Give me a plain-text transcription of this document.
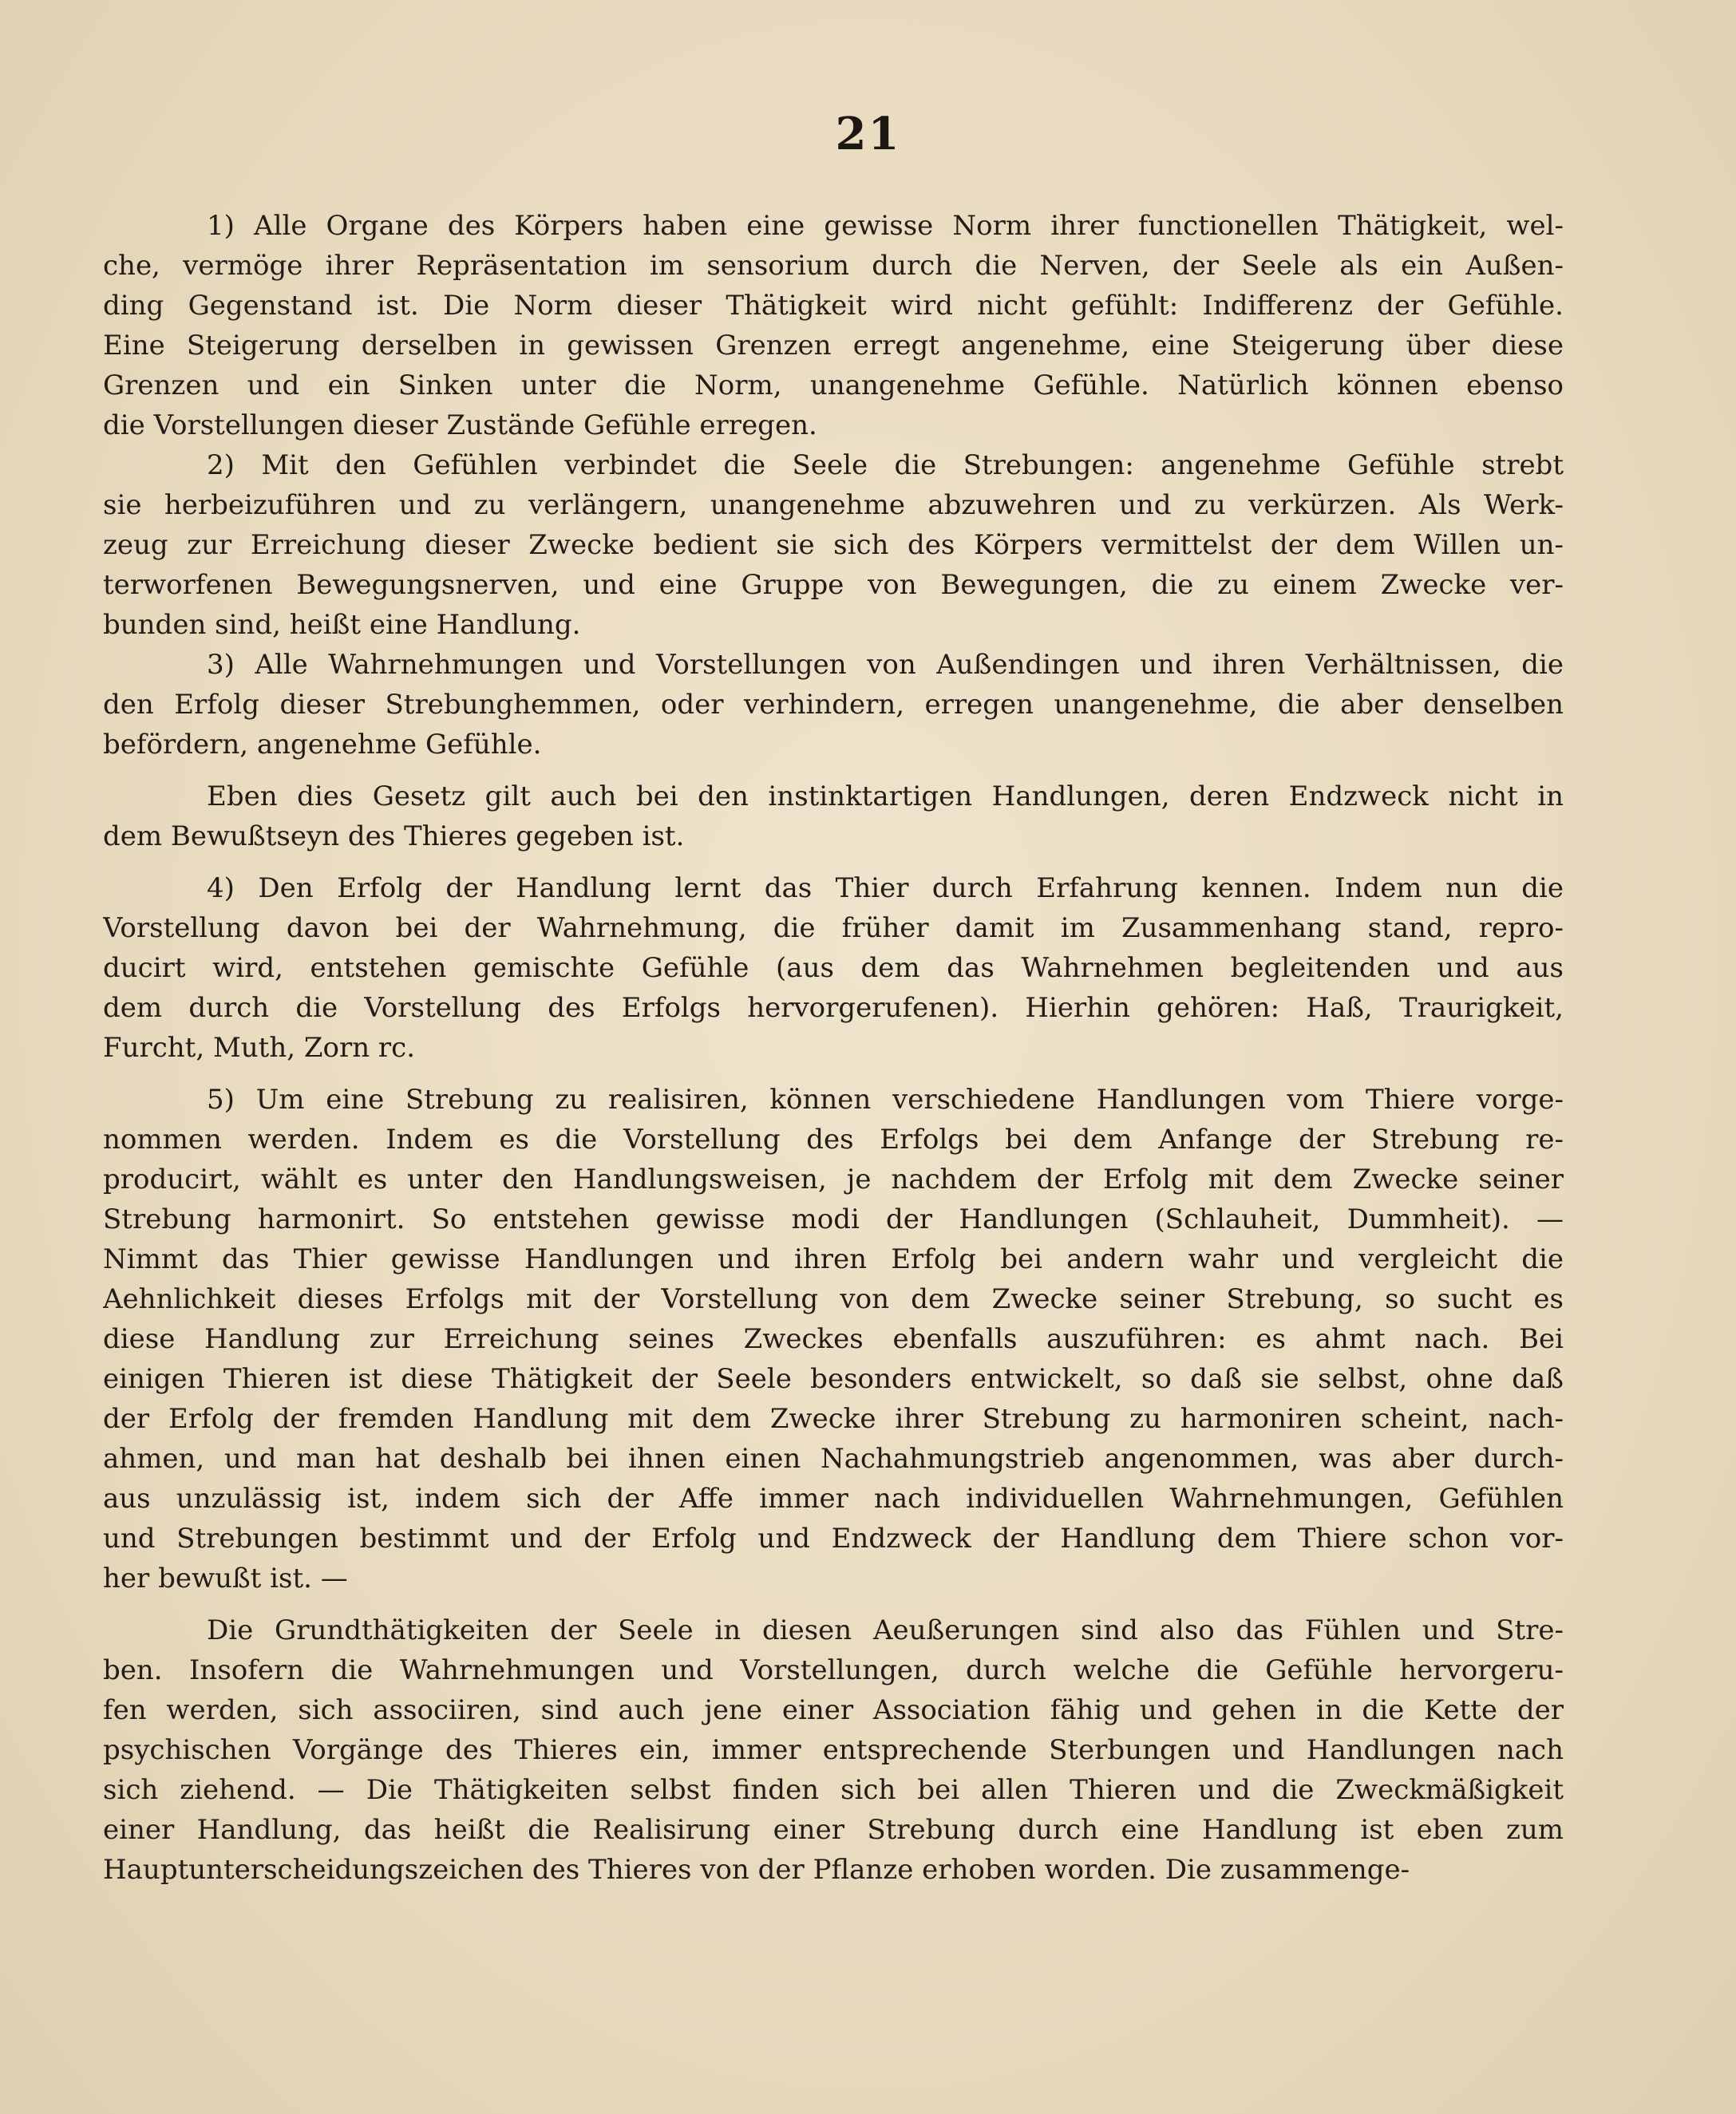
21
1) Alle Organe des Körpers haben eine gewisse Norm ihrer functionellen Thätigkeit, wel-
che, vermöge ihrer Repräsentation im sensorium durch die Nerven, der Seele als ein Außen-
ding Gegenstand ist. Die Norm dieser Thätigkeit wird nicht gefühlt: Indifferenz der Gefühle.
Eine Steigerung derselben in gewissen Grenzen erregt angenehme, eine Steigerung über diese
Grenzen und ein Sinken unter die Norm, unangenehme Gefühle. Natürlich können ebenso
die Vorstellungen dieser Zustände Gefühle erregen.
2) Mit den Gefühlen verbindet die Seele die Strebungen: angenehme Gefühle strebt
sie herbeizuführen und zu verlängern, unangenehme abzuwehren und zu verkürzen. Als Werk-
zeug zur Erreichung dieser Zwecke bedient sie sich des Körpers vermittelst der dem Willen un-
terworfenen Bewegungsnerven, und eine Gruppe von Bewegungen, die zu einem Zwecke ver-
bunden sind, heißt eine Handlung.
3) Alle Wahrnehmungen und Vorstellungen von Außendingen und ihren Verhältnissen, die
den Erfolg dieser Strebunghemmen, oder verhindern, erregen unangenehme, die aber denselben
befördern, angenehme Gefühle.
Eben dies Gesetz gilt auch bei den instinktartigen Handlungen, deren Endzweck nicht in
dem Bewußtseyn des Thieres gegeben ist.
4) Den Erfolg der Handlung lernt das Thier durch Erfahrung kennen. Indem nun die
Vorstellung davon bei der Wahrnehmung, die früher damit im Zusammenhang stand, repro-
ducirt wird, entstehen gemischte Gefühle (aus dem das Wahrnehmen begleitenden und aus
dem durch die Vorstellung des Erfolgs hervorgerufenen). Hierhin gehören: Haß, Traurigkeit,
Furcht, Muth, Zorn rc.
5) Um eine Strebung zu realisiren, können verschiedene Handlungen vom Thiere vorge-
nommen werden. Indem es die Vorstellung des Erfolgs bei dem Anfange der Strebung re-
producirt, wählt es unter den Handlungsweisen, je nachdem der Erfolg mit dem Zwecke seiner
Strebung harmonirt. So entstehen gewisse modi der Handlungen (Schlauheit, Dummheit). —
Nimmt das Thier gewisse Handlungen und ihren Erfolg bei andern wahr und vergleicht die
Aehnlichkeit dieses Erfolgs mit der Vorstellung von dem Zwecke seiner Strebung, so sucht es
diese Handlung zur Erreichung seines Zweckes ebenfalls auszuführen: es ahmt nach. Bei
einigen Thieren ist diese Thätigkeit der Seele besonders entwickelt, so daß sie selbst, ohne daß
der Erfolg der fremden Handlung mit dem Zwecke ihrer Strebung zu harmoniren scheint, nach-
ahmen, und man hat deshalb bei ihnen einen Nachahmungstrieb angenommen, was aber durch-
aus unzulässig ist, indem sich der Affe immer nach individuellen Wahrnehmungen, Gefühlen
und Strebungen bestimmt und der Erfolg und Endzweck der Handlung dem Thiere schon vor-
her bewußt ist. —
Die Grundthätigkeiten der Seele in diesen Aeußerungen sind also das Fühlen und Stre-
ben. Insofern die Wahrnehmungen und Vorstellungen, durch welche die Gefühle hervorgeru-
fen werden, sich associiren, sind auch jene einer Association fähig und gehen in die Kette der
psychischen Vorgänge des Thieres ein, immer entsprechende Sterbungen und Handlungen nach
sich ziehend. — Die Thätigkeiten selbst finden sich bei allen Thieren und die Zweckmäßigkeit
einer Handlung, das heißt die Realisirung einer Strebung durch eine Handlung ist eben zum
Hauptunterscheidungszeichen des Thieres von der Pflanze erhoben worden. Die zusammenge-
